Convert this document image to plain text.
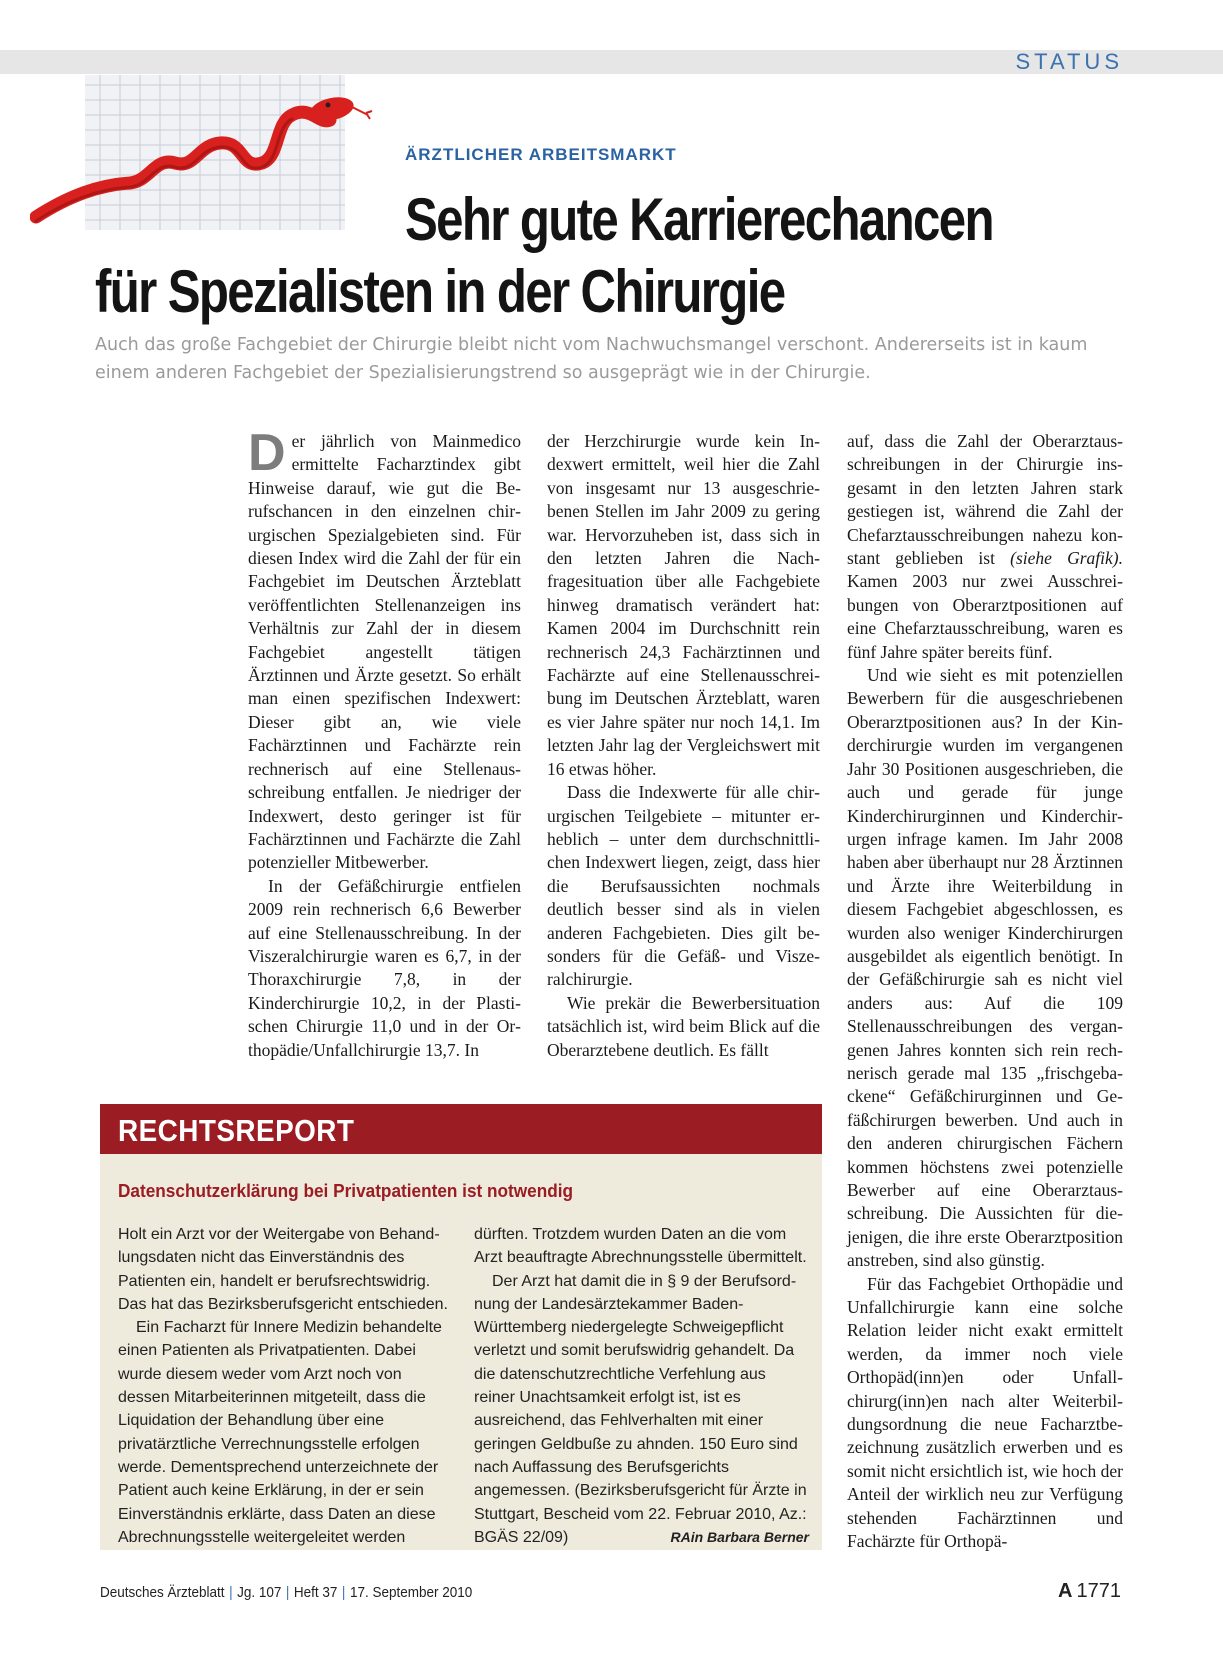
STATUS
ÄRZTLICHER ARBEITSMARKT
Sehr gute Karrierechancen
für Spezialisten in der Chirurgie

Auch das große Fachgebiet der Chirurgie bleibt nicht vom Nachwuchsmangel verschont. Andererseits ist in kaum einem anderen Fachgebiet der Spezialisierungstrend so ausgeprägt wie in der Chirurgie.

Der jährlich von Mainmedico ermittelte Facharztindex gibt Hinweise darauf, wie gut die Berufschancen in den einzelnen chirurgischen Spezialgebieten sind. Für diesen Index wird die Zahl der für ein Fachgebiet im Deutschen Ärzteblatt veröffentlichten Stellenanzeigen ins Verhältnis zur Zahl der in diesem Fachgebiet angestellt tätigen Ärztinnen und Ärzte gesetzt. So erhält man einen spezifischen Indexwert: Dieser gibt an, wie viele Fachärztinnen und Fachärzte rein rechnerisch auf eine Stellenausschreibung entfallen. Je niedriger der Indexwert, desto geringer ist für Fachärztinnen und Fachärzte die Zahl potenzieller Mitbewerber.

In der Gefäßchirurgie entfielen 2009 rein rechnerisch 6,6 Bewerber auf eine Stellenausschreibung. In der Viszeralchirurgie waren es 6,7, in der Thoraxchirurgie 7,8, in der Kinderchirurgie 10,2, in der Plastischen Chirurgie 11,0 und in der Orthopädie/Unfallchirurgie 13,7. In

der Herzchirurgie wurde kein Indexwert ermittelt, weil hier die Zahl von insgesamt nur 13 ausgeschriebenen Stellen im Jahr 2009 zu gering war. Hervorzuheben ist, dass sich in den letzten Jahren die Nachfragesituation über alle Fachgebiete hinweg dramatisch verändert hat: Kamen 2004 im Durchschnitt rein rechnerisch 24,3 Fachärztinnen und Fachärzte auf eine Stellenausschreibung im Deutschen Ärzteblatt, waren es vier Jahre später nur noch 14,1. Im letzten Jahr lag der Vergleichswert mit 16 etwas höher.

Dass die Indexwerte für alle chirurgischen Teilgebiete – mitunter erheblich – unter dem durchschnittlichen Indexwert liegen, zeigt, dass hier die Berufsaussichten nochmals deutlich besser sind als in vielen anderen Fachgebieten. Dies gilt besonders für die Gefäß- und Viszeralchirurgie.

Wie prekär die Bewerbersituation tatsächlich ist, wird beim Blick auf die Oberarztebene deutlich. Es fällt

auf, dass die Zahl der Oberarztausschreibungen in der Chirurgie insgesamt in den letzten Jahren stark gestiegen ist, während die Zahl der Chefarztausschreibungen nahezu konstant geblieben ist (siehe Grafik). Kamen 2003 nur zwei Ausschreibungen von Oberarztpositionen auf eine Chefarztausschreibung, waren es fünf Jahre später bereits fünf.

Und wie sieht es mit potenziellen Bewerbern für die ausgeschriebenen Oberarztpositionen aus? In der Kinderchirurgie wurden im vergangenen Jahr 30 Positionen ausgeschrieben, die auch und gerade für junge Kinderchirurginnen und Kinderchirurgen infrage kamen. Im Jahr 2008 haben aber überhaupt nur 28 Ärztinnen und Ärzte ihre Weiterbildung in diesem Fachgebiet abgeschlossen, es wurden also weniger Kinderchirurgen ausgebildet als eigentlich benötigt. In der Gefäßchirurgie sah es nicht viel anders aus: Auf die 109 Stellenausschreibungen des vergangenen Jahres konnten sich rein rechnerisch gerade mal 135 „frischgebackene“ Gefäßchirurginnen und Gefäßchirurgen bewerben. Und auch in den anderen chirurgischen Fächern kommen höchstens zwei potenzielle Bewerber auf eine Oberarztausschreibung. Die Aussichten für diejenigen, die ihre erste Oberarztposition anstreben, sind also günstig.

Für das Fachgebiet Orthopädie und Unfallchirurgie kann eine solche Relation leider nicht exakt ermittelt werden, da immer noch viele Orthopäd(inn)en oder Unfallchirurg(inn)en nach alter Weiterbildungsordnung die neue Facharztbezeichnung zusätzlich erwerben und es somit nicht ersichtlich ist, wie hoch der Anteil der wirklich neu zur Verfügung stehenden Fachärztinnen und Fachärzte für Orthopä-

RECHTSREPORT
Datenschutzerklärung bei Privatpatienten ist notwendig

Holt ein Arzt vor der Weitergabe von Behandlungsdaten nicht das Einverständnis des Patienten ein, handelt er berufsrechtswidrig. Das hat das Bezirksberufsgericht entschieden.

Ein Facharzt für Innere Medizin behandelte einen Patienten als Privatpatienten. Dabei wurde diesem weder vom Arzt noch von dessen Mitarbeiterinnen mitgeteilt, dass die Liquidation der Behandlung über eine privatärztliche Verrechnungsstelle erfolgen werde. Dementsprechend unterzeichnete der Patient auch keine Erklärung, in der er sein Einverständnis erklärte, dass Daten an diese Abrechnungsstelle weitergeleitet werden

dürften. Trotzdem wurden Daten an die vom Arzt beauftragte Abrechnungsstelle übermittelt.

Der Arzt hat damit die in § 9 der Berufsordnung der Landesärztekammer Baden-Württemberg niedergelegte Schweigepflicht verletzt und somit berufswidrig gehandelt. Da die datenschutzrechtliche Verfehlung aus reiner Unachtsamkeit erfolgt ist, ist es ausreichend, das Fehlverhalten mit einer geringen Geldbuße zu ahnden. 150 Euro sind nach Auffassung des Berufsgerichts angemessen. (Bezirksberufsgericht für Ärzte in Stuttgart, Bescheid vom 22. Februar 2010, Az.: BGÄS 22/09)	RAin Barbara Berner

Deutsches Ärzteblatt | Jg. 107 | Heft 37 | 17. September 2010	A 1771
